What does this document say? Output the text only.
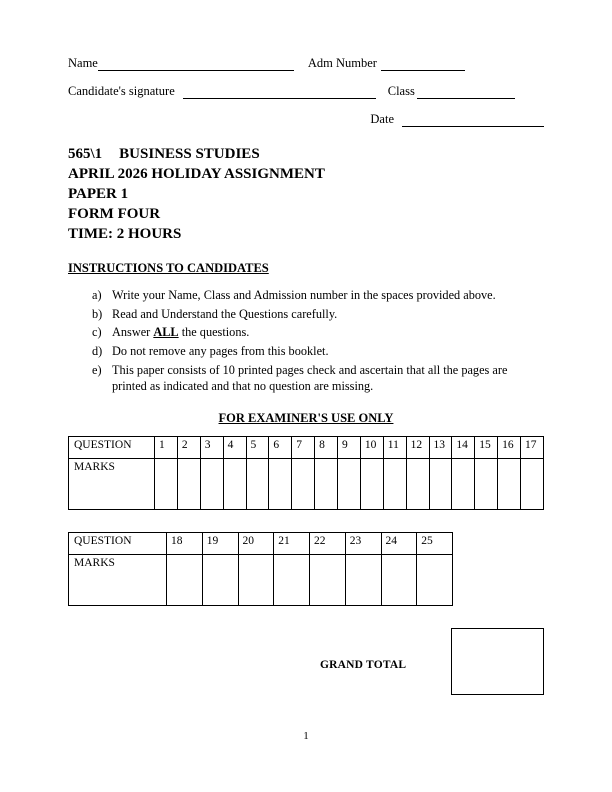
Name	Adm Number
Candidate's signature	Class
Date
565\1 BUSINESS STUDIES
APRIL 2026 HOLIDAY ASSIGNMENT
PAPER 1
FORM FOUR
TIME: 2 HOURS
INSTRUCTIONS TO CANDIDATES
a) Write your Name, Class and Admission number in the spaces provided above.
b) Read and Understand the Questions carefully.
c) Answer ALL the questions.
d) Do not remove any pages from this booklet.
e) This paper consists of 10 printed pages check and ascertain that all the pages are printed as indicated and that no question are missing.
FOR EXAMINER'S USE ONLY
QUESTION	1	2	3	4	5	6	7	8	9	10	11	12	13	14	15	16	17
MARKS																	
QUESTION	18	19	20	21	22	23	24	25
MARKS								
GRAND TOTAL
1
